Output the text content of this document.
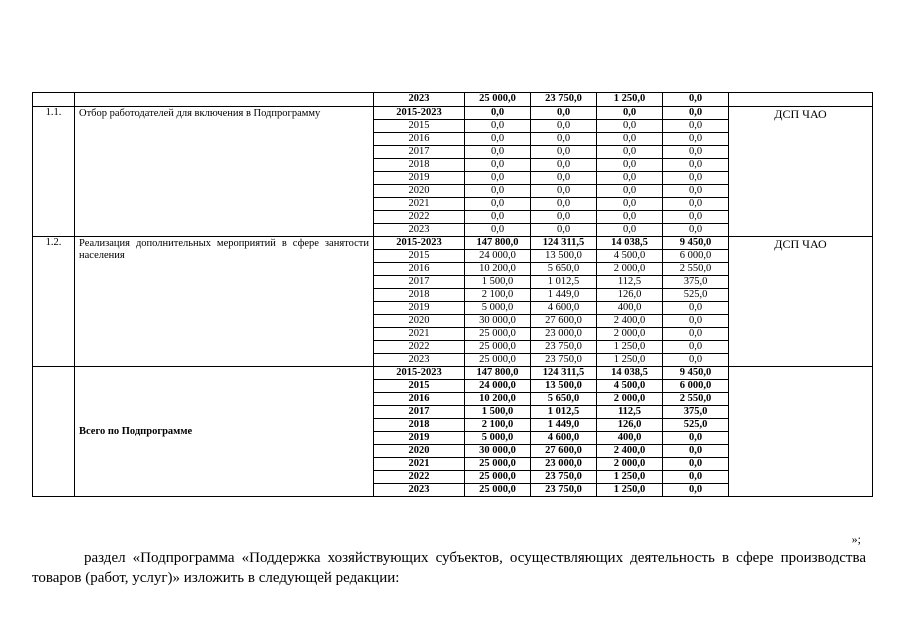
		2023	25 000,0	23 750,0	1 250,0	0,0	
1.1.	Отбор работодателей для включения в Подпрограмму	2015-2023	0,0	0,0	0,0	0,0	ДСП ЧАО
		2015	0,0	0,0	0,0	0,0	
		2016	0,0	0,0	0,0	0,0	
		2017	0,0	0,0	0,0	0,0	
		2018	0,0	0,0	0,0	0,0	
		2019	0,0	0,0	0,0	0,0	
		2020	0,0	0,0	0,0	0,0	
		2021	0,0	0,0	0,0	0,0	
		2022	0,0	0,0	0,0	0,0	
		2023	0,0	0,0	0,0	0,0	
1.2.	Реализация дополнительных мероприятий в сфере занятости населения	2015-2023	147 800,0	124 311,5	14 038,5	9 450,0	ДСП ЧАО
		2015	24 000,0	13 500,0	4 500,0	6 000,0	
		2016	10 200,0	5 650,0	2 000,0	2 550,0	
		2017	1 500,0	1 012,5	112,5	375,0	
		2018	2 100,0	1 449,0	126,0	525,0	
		2019	5 000,0	4 600,0	400,0	0,0	
		2020	30 000,0	27 600,0	2 400,0	0,0	
		2021	25 000,0	23 000,0	2 000,0	0,0	
		2022	25 000,0	23 750,0	1 250,0	0,0	
		2023	25 000,0	23 750,0	1 250,0	0,0	
	Всего по Подпрограмме	2015-2023	147 800,0	124 311,5	14 038,5	9 450,0	
		2015	24 000,0	13 500,0	4 500,0	6 000,0	
		2016	10 200,0	5 650,0	2 000,0	2 550,0	
		2017	1 500,0	1 012,5	112,5	375,0	
		2018	2 100,0	1 449,0	126,0	525,0	
		2019	5 000,0	4 600,0	400,0	0,0	
		2020	30 000,0	27 600,0	2 400,0	0,0	
		2021	25 000,0	23 000,0	2 000,0	0,0	
		2022	25 000,0	23 750,0	1 250,0	0,0	
		2023	25 000,0	23 750,0	1 250,0	0,0	
»;
раздел «Подпрограмма «Поддержка хозяйствующих субъектов, осуществляющих деятельность в сфере производства товаров (работ, услуг)» изложить в следующей редакции:
